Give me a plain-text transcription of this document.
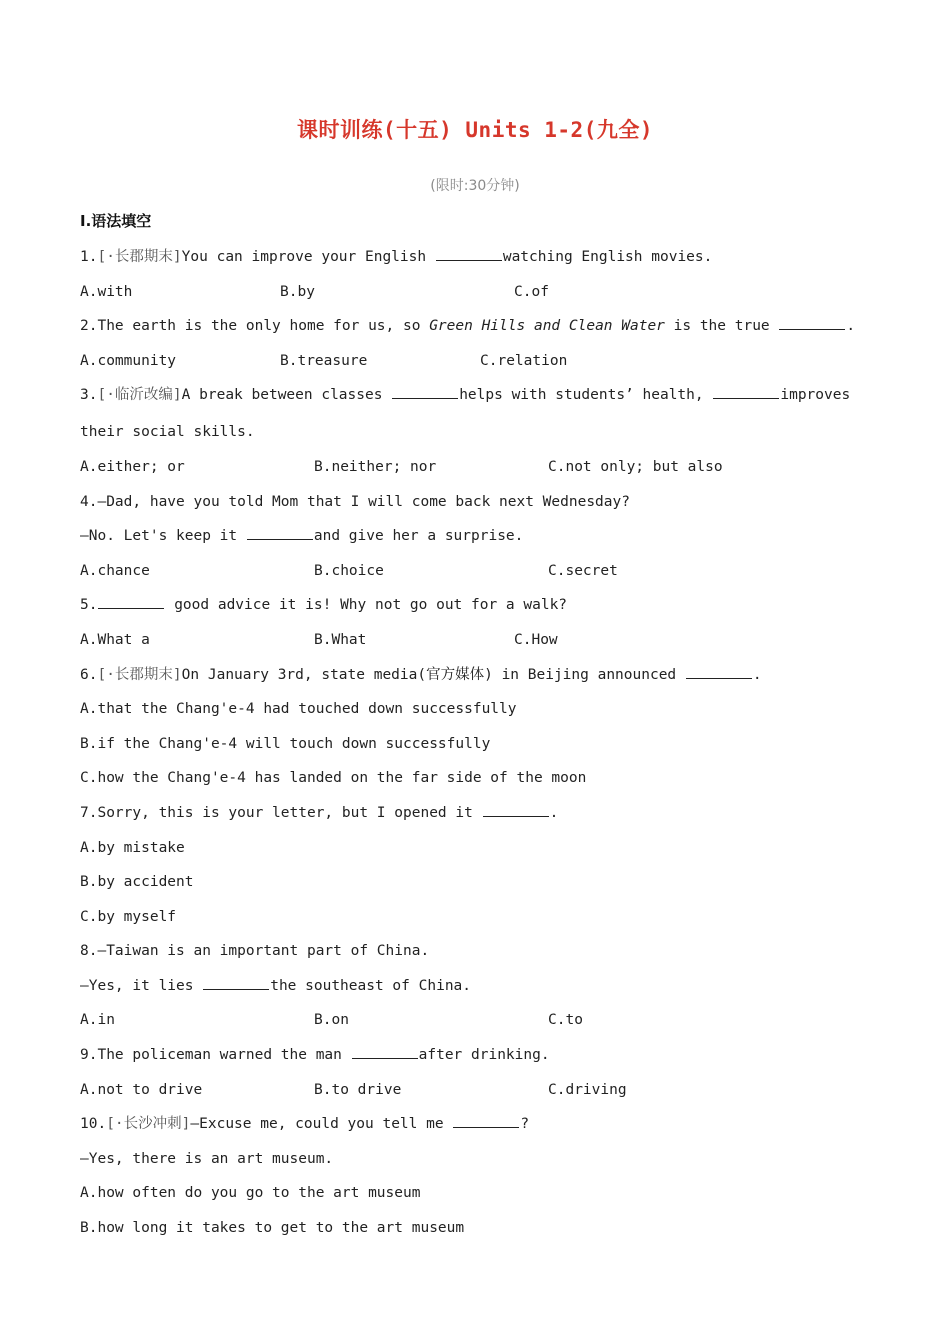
课时训练(十五) Units 1-2(九全)
(限时:30分钟)
Ⅰ.语法填空
1.[·长郡期末]You can improve your English	watching English movies.
A.with	B.by	C.of
2.The earth is the only home for us, so Green Hills and Clean Water is the true	.
A.community	B.treasure	C.relation
3.[·临沂改编]A break between classes	helps with students’ health,	improves
their social skills.
A.either; or	B.neither; nor	C.not only; but also
4.—Dad, have you told Mom that I will come back next Wednesday?
—No. Let's keep it	and give her a surprise.
A.chance	B.choice	C.secret
5.	good advice it is! Why not go out for a walk?
A.What a	B.What	C.How
6.[·长郡期末]On January 3rd, state media(官方媒体) in Beijing announced	.
A.that the Chang'e-4 had touched down successfully
B.if the Chang'e-4 will touch down successfully
C.how the Chang'e-4 has landed on the far side of the moon
7.Sorry, this is your letter, but I opened it	.
A.by mistake
B.by accident
C.by myself
8.—Taiwan is an important part of China.
—Yes, it lies	the southeast of China.
A.in	B.on	C.to
9.The policeman warned the man	after drinking.
A.not to drive	B.to drive	C.driving
10.[·长沙冲刺]—Excuse me, could you tell me	?
—Yes, there is an art museum.
A.how often do you go to the art museum
B.how long it takes to get to the art museum
